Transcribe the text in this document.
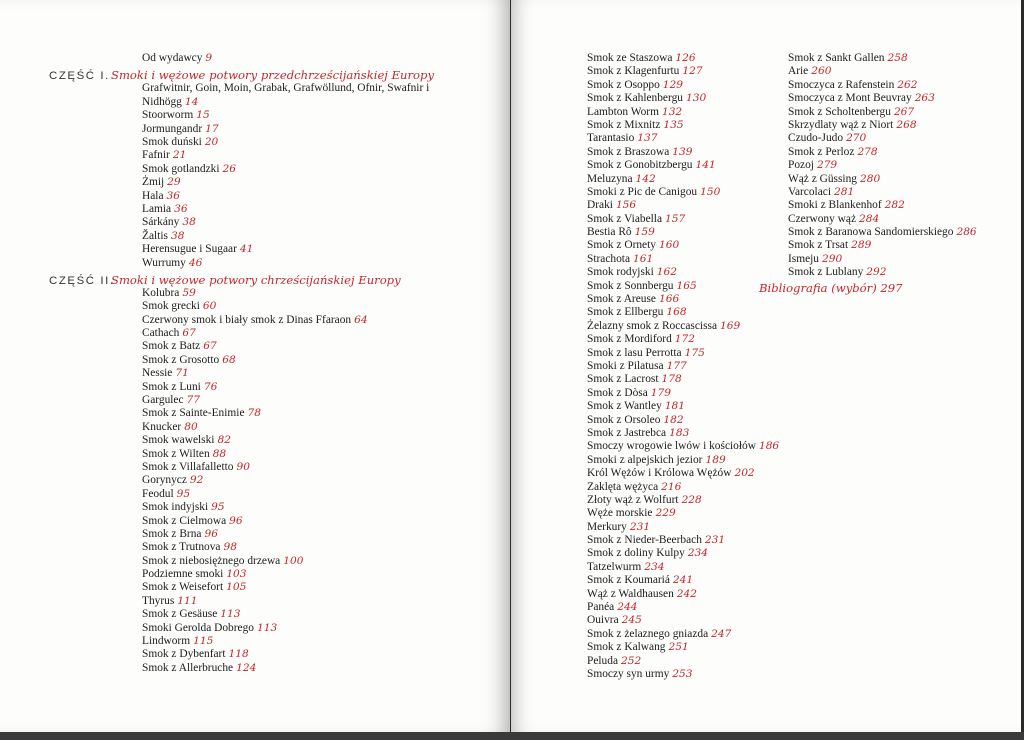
Od wydawcy 9
CZĘŚĆ I.Smoki i wężowe potwory przedchrześcijańskiej Europy
Grafwitnir, Goin, Moin, Grabak, Grafwöllund, Ofnir, Swafnir i Nidhögg 14
Stoorworm 15
Jormungandr 17
Smok duński 20
Fafnir 21
Smok gotlandzki 26
Żmij 29
Hala 36
Lamia 36
Sárkány 38
Žaltis 38
Herensugue i Sugaar 41
Wurrumy 46
CZĘŚĆ II.Smoki i wężowe potwory chrześcijańskiej Europy
Kolubra 59
Smok grecki 60
Czerwony smok i biały smok z Dinas Ffaraon 64
Cathach 67
Smok z Batz 67
Smok z Grosotto 68
Nessie 71
Smok z Luni 76
Gargulec 77
Smok z Sainte-Enimie 78
Knucker 80
Smok wawelski 82
Smok z Wilten 88
Smok z Villafalletto 90
Gorynycz 92
Feodul 95
Smok indyjski 95
Smok z Cielmowa 96
Smok z Brna 96
Smok z Trutnova 98
Smok z niebosiężnego drzewa 100
Podziemne smoki 103
Smok z Weisefort 105
Thyrus 111
Smok z Gesäuse 113
Smoki Gerolda Dobrego 113
Lindworm 115
Smok z Dybenfart 118
Smok z Allerbruche 124
Smok ze Staszowa 126
Smok z Klagenfurtu 127
Smok z Osoppo 129
Smok z Kahlenbergu 130
Lambton Worm 132
Smok z Mixnitz 135
Tarantasio 137
Smok z Braszowa 139
Smok z Gonobitzbergu 141
Meluzyna 142
Smoki z Pic de Canigou 150
Draki 156
Smok z Viabella 157
Bestia Rô 159
Smok z Ornety 160
Strachota 161
Smok rodyjski 162
Smok z Sonnbergu 165
Smok z Areuse 166
Smok z Ellbergu 168
Żelazny smok z Roccascissa 169
Smok z Mordiford 172
Smok z lasu Perrotta 175
Smoki z Pilatusa 177
Smok z Lacrost 178
Smok z Dòsa 179
Smok z Wantley 181
Smok z Orsoleo 182
Smok z Jastrebca 183
Smoczy wrogowie lwów i kościołów 186
Smoki z alpejskich jezior 189
Król Wężów i Królowa Wężów 202
Zaklęta wężyca 216
Złoty wąż z Wolfurt 228
Węże morskie 229
Merkury 231
Smok z Nieder-Beerbach 231
Smok z doliny Kulpy 234
Tatzelwurm 234
Smok z Koumariá 241
Wąż z Waldhausen 242
Panéa 244
Ouivra 245
Smok z żelaznego gniazda 247
Smok z Kalwang 251
Peluda 252
Smoczy syn urmy 253
Smok z Sankt Gallen 258
Arie 260
Smoczyca z Rafenstein 262
Smoczyca z Mont Beuvray 263
Smok z Scholtenbergu 267
Skrzydlaty wąż z Niort 268
Czudo-Judo 270
Smok z Perloz 278
Pozoj 279
Wąż z Güssing 280
Varcolaci 281
Smoki z Blankenhof 282
Czerwony wąż 284
Smok z Baranowa Sandomierskiego 286
Smok z Trsat 289
Ismeju 290
Smok z Lublany 292
Bibliografia (wybór) 297
